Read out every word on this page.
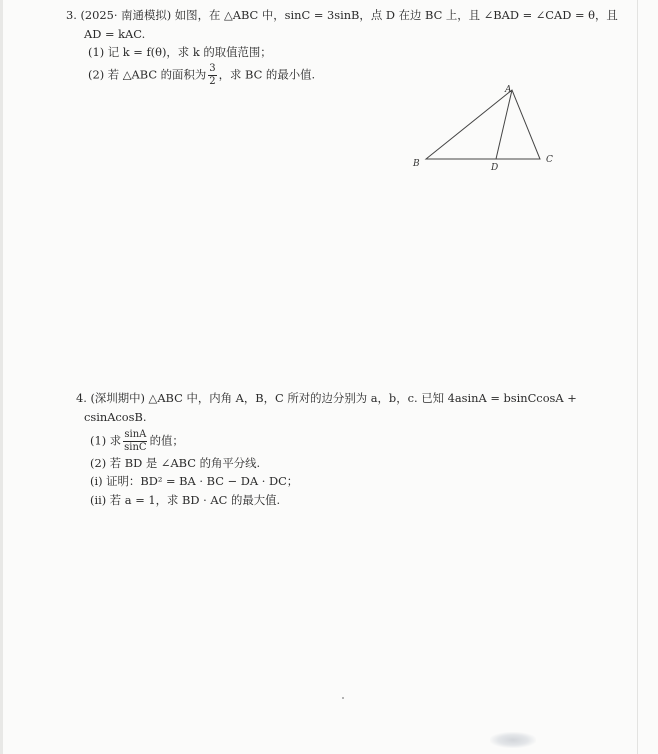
3. (2025· 南通模拟) 如图，在 △ABC 中，sinC = 3sinB，点 D 在边 BC 上，且 ∠BAD = ∠CAD = θ，且
AD = kAC.
(1) 记 k = f(θ)，求 k 的取值范围；
(2) 若 △ABC 的面积为 $\frac{3}{2}$ ，求 BC 的最小值.
A
B	C
D
4. (深圳期中) △ABC 中，内角 A，B，C 所对的边分别为 a，b，c. 已知 4asinA = bsinCcosA +
csinAcosB.
(1) 求 $\frac{\sin A}{\sin C}$ 的值；
(2) 若 BD 是 ∠ABC 的角平分线.
(i) 证明：BD² = BA · BC − DA · DC；
(ii) 若 a = 1，求 BD · AC 的最大值.
